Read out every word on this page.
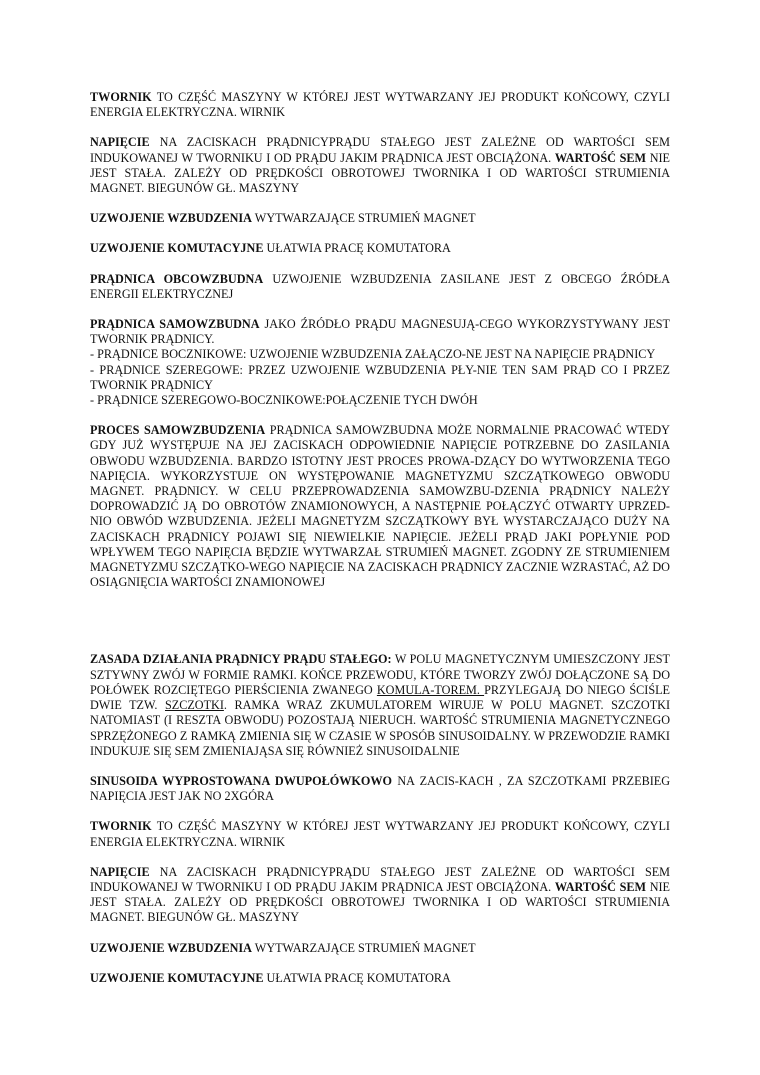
TWORNIK TO CZĘŚĆ MASZYNY W KTÓREJ JEST WYTWARZANY JEJ PRODUKT KOŃCOWY, CZYLI ENERGIA ELEKTRYCZNA. WIRNIK

NAPIĘCIE NA ZACISKACH PRĄDNICYPRĄDU STAŁEGO JEST ZALEŻNE OD WARTOŚCI SEM INDUKOWANEJ W TWORNIKU I OD PRĄDU JAKIM PRĄDNICA JEST OBCIĄŻONA. WARTOŚĆ SEM NIE JEST STAŁA. ZALEŻY OD PRĘDKOŚCI OBROTOWEJ TWORNIKA I OD WARTOŚCI STRUMIENIA MAGNET. BIEGUNÓW GŁ. MASZYNY

UZWOJENIE WZBUDZENIA WYTWARZAJĄCE STRUMIEŃ MAGNET

UZWOJENIE KOMUTACYJNE UŁATWIA PRACĘ KOMUTATORA

PRĄDNICA OBCOWZBUDNA UZWOJENIE WZBUDZENIA ZASILANE JEST Z OBCEGO ŹRÓDŁA ENERGII ELEKTRYCZNEJ

PRĄDNICA SAMOWZBUDNA JAKO ŹRÓDŁO PRĄDU MAGNESUJĄ-CEGO WYKORZYSTYWANY JEST TWORNIK PRĄDNICY.

- PRĄDNICE BOCZNIKOWE: UZWOJENIE WZBUDZENIA ZAŁĄCZO-NE JEST NA NAPIĘCIE PRĄDNICY

- PRĄDNICE SZEREGOWE: PRZEZ UZWOJENIE WZBUDZENIA PŁY-NIE TEN SAM PRĄD CO I PRZEZ TWORNIK PRĄDNICY

- PRĄDNICE SZEREGOWO-BOCZNIKOWE:POŁĄCZENIE TYCH DWÓH

PROCES SAMOWZBUDZENIA PRĄDNICA SAMOWZBUDNA MOŻE NORMALNIE PRACOWAĆ WTEDY GDY JUŻ WYSTĘPUJE NA JEJ ZACISKACH ODPOWIEDNIE NAPIĘCIE POTRZEBNE DO ZASILANIA OBWODU WZBUDZENIA. BARDZO ISTOTNY JEST PROCES PROWA-DZĄCY DO WYTWORZENIA TEGO NAPIĘCIA. WYKORZYSTUJE ON WYSTĘPOWANIE MAGNETYZMU SZCZĄTKOWEGO OBWODU MAGNET. PRĄDNICY. W CELU PRZEPROWADZENIA SAMOWZBU-DZENIA PRĄDNICY NALEŻY DOPROWADZIĆ JĄ DO OBROTÓW ZNAMIONOWYCH, A NASTĘPNIE POŁĄCZYĆ OTWARTY UPRZED-NIO OBWÓD WZBUDZENIA. JEŻELI MAGNETYZM SZCZĄTKOWY BYŁ WYSTARCZAJĄCO DUŻY NA ZACISKACH PRĄDNICY POJAWI SIĘ NIEWIELKIE NAPIĘCIE. JEŻELI PRĄD JAKI POPŁYNIE POD WPŁYWEM TEGO NAPIĘCIA BĘDZIE WYTWARZAŁ STRUMIEŃ MAGNET. ZGODNY ZE STRUMIENIEM MAGNETYZMU SZCZĄTKO-WEGO NAPIĘCIE NA ZACISKACH PRĄDNICY ZACZNIE WZRASTAĆ, AŻ DO OSIĄGNIĘCIA WARTOŚCI ZNAMIONOWEJ

ZASADA DZIAŁANIA PRĄDNICY PRĄDU STAŁEGO: W POLU MAGNETYCZNYM UMIESZCZONY JEST SZTYWNY ZWÓJ W FORMIE RAMKI. KOŃCE PRZEWODU, KTÓRE TWORZY ZWÓJ DOŁĄCZONE SĄ DO POŁÓWEK ROZCIĘTEGO PIERŚCIENIA ZWANEGO KOMULA-TOREM. PRZYLEGAJĄ DO NIEGO ŚCIŚLE DWIE TZW. SZCZOTKI. RAMKA WRAZ ZKUMULATOREM WIRUJE W POLU MAGNET. SZCZOTKI NATOMIAST (I RESZTA OBWODU) POZOSTAJĄ NIERUCH. WARTOŚĆ STRUMIENIA MAGNETYCZNEGO SPRZĘŻONEGO Z RAMKĄ ZMIENIA SIĘ W CZASIE W SPOSÓB SINUSOIDALNY. W PRZEWODZIE RAMKI INDUKUJE SIĘ SEM ZMIENIAJĄSA SIĘ RÓWNIEŻ SINUSOIDALNIE

SINUSOIDA WYPROSTOWANA DWUPOŁÓWKOWO NA ZACIS-KACH , ZA SZCZOTKAMI PRZEBIEG NAPIĘCIA JEST JAK NO 2XGÓRA

TWORNIK TO CZĘŚĆ MASZYNY W KTÓREJ JEST WYTWARZANY JEJ PRODUKT KOŃCOWY, CZYLI ENERGIA ELEKTRYCZNA. WIRNIK

NAPIĘCIE NA ZACISKACH PRĄDNICYPRĄDU STAŁEGO JEST ZALEŻNE OD WARTOŚCI SEM INDUKOWANEJ W TWORNIKU I OD PRĄDU JAKIM PRĄDNICA JEST OBCIĄŻONA. WARTOŚĆ SEM NIE JEST STAŁA. ZALEŻY OD PRĘDKOŚCI OBROTOWEJ TWORNIKA I OD WARTOŚCI STRUMIENIA MAGNET. BIEGUNÓW GŁ. MASZYNY

UZWOJENIE WZBUDZENIA WYTWARZAJĄCE STRUMIEŃ MAGNET

UZWOJENIE KOMUTACYJNE UŁATWIA PRACĘ KOMUTATORA
